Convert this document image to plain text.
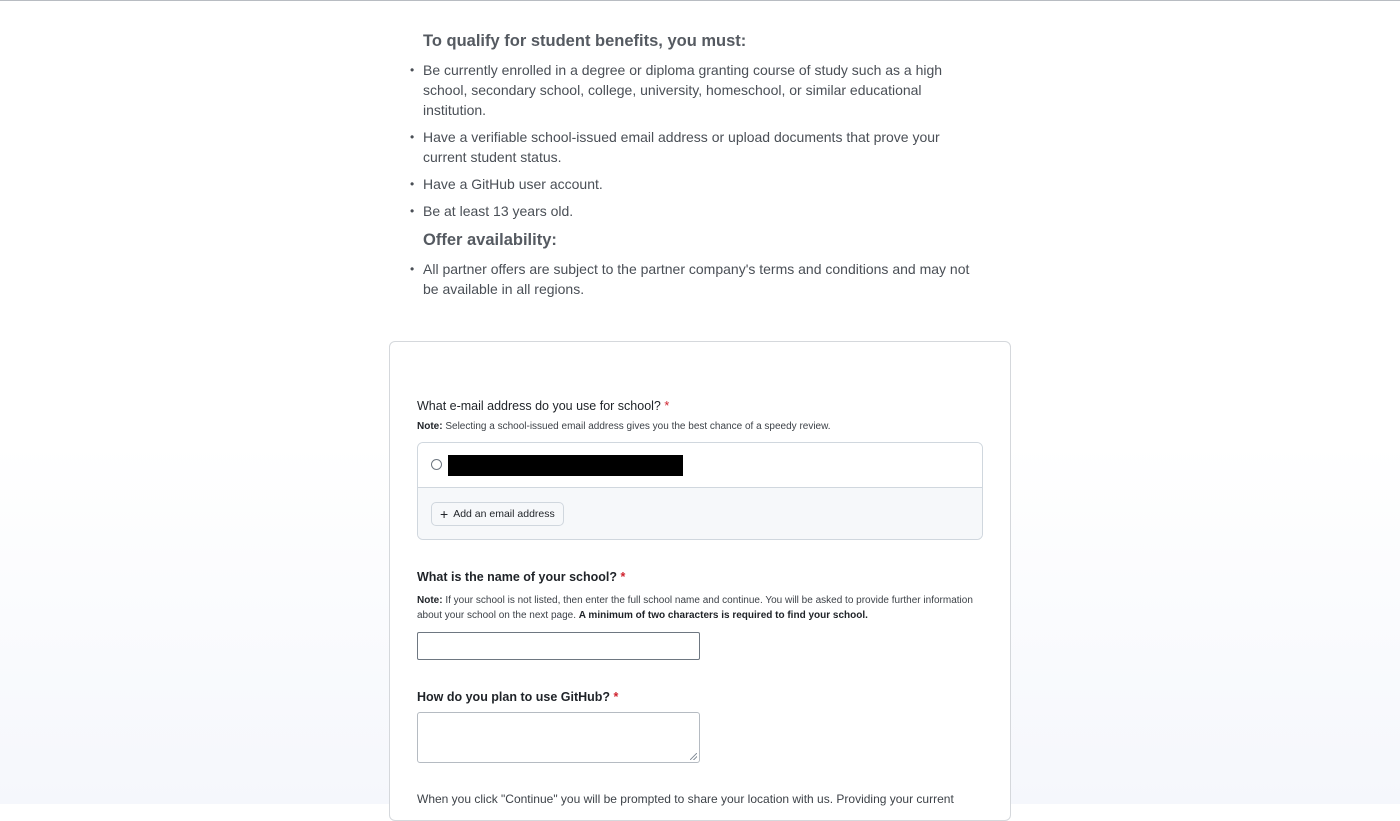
To qualify for student benefits, you must:
• Be currently enrolled in a degree or diploma granting course of study such as a high school, secondary school, college, university, homeschool, or similar educational institution.
• Have a verifiable school-issued email address or upload documents that prove your current student status.
• Have a GitHub user account.
• Be at least 13 years old.
Offer availability:
• All partner offers are subject to the partner company's terms and conditions and may not be available in all regions.
What e-mail address do you use for school? *
Note: Selecting a school-issued email address gives you the best chance of a speedy review.
+ Add an email address
What is the name of your school? *
Note: If your school is not listed, then enter the full school name and continue. You will be asked to provide further information about your school on the next page. A minimum of two characters is required to find your school.
How do you plan to use GitHub? *
When you click "Continue" you will be prompted to share your location with us. Providing your current
